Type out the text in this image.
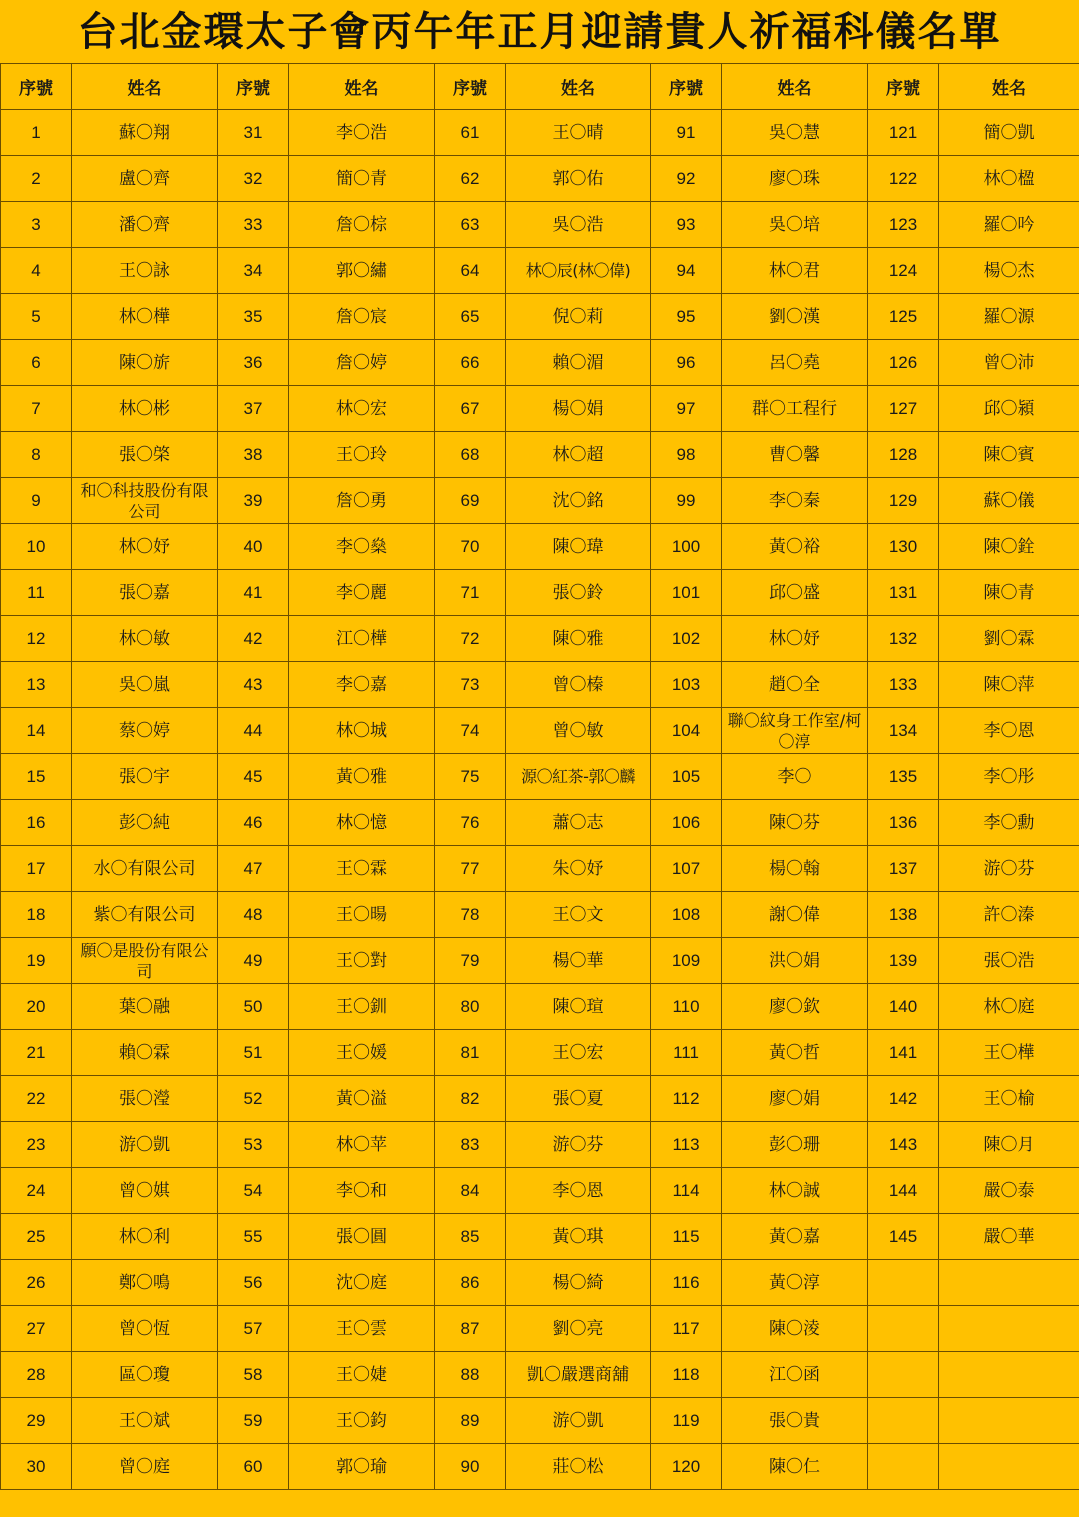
台北金環太子會丙午年正月迎請貴人祈福科儀名單
序號	姓名	序號	姓名	序號	姓名	序號	姓名	序號	姓名
1	蘇〇翔	31	李〇浩	61	王〇晴	91	吳〇慧	121	簡〇凱
2	盧〇齊	32	簡〇青	62	郭〇佑	92	廖〇珠	122	林〇楹
3	潘〇齊	33	詹〇棕	63	吳〇浩	93	吳〇培	123	羅〇吟
4	王〇詠	34	郭〇繡	64	林〇辰(林〇偉)	94	林〇君	124	楊〇杰
5	林〇樺	35	詹〇宸	65	倪〇莉	95	劉〇漢	125	羅〇源
6	陳〇旂	36	詹〇婷	66	賴〇湄	96	呂〇堯	126	曾〇沛
7	林〇彬	37	林〇宏	67	楊〇娟	97	群〇工程行	127	邱〇潁
8	張〇棨	38	王〇玲	68	林〇超	98	曹〇馨	128	陳〇賓
9	和〇科技股份有限公司	39	詹〇勇	69	沈〇銘	99	李〇秦	129	蘇〇儀
10	林〇妤	40	李〇燊	70	陳〇瑋	100	黃〇裕	130	陳〇銓
11	張〇嘉	41	李〇麗	71	張〇鈴	101	邱〇盛	131	陳〇青
12	林〇敏	42	江〇樺	72	陳〇雅	102	林〇妤	132	劉〇霖
13	吳〇嵐	43	李〇嘉	73	曾〇榛	103	趙〇全	133	陳〇萍
14	蔡〇婷	44	林〇城	74	曾〇敏	104	聯〇紋身工作室/柯〇淳	134	李〇恩
15	張〇宇	45	黃〇雅	75	源〇紅茶-郭〇麟	105	李〇	135	李〇彤
16	彭〇純	46	林〇憶	76	蕭〇志	106	陳〇芬	136	李〇勳
17	水〇有限公司	47	王〇霖	77	朱〇妤	107	楊〇翰	137	游〇芬
18	紫〇有限公司	48	王〇暘	78	王〇文	108	謝〇偉	138	許〇溱
19	願〇是股份有限公司	49	王〇對	79	楊〇華	109	洪〇娟	139	張〇浩
20	葉〇融	50	王〇釧	80	陳〇瑄	110	廖〇欽	140	林〇庭
21	賴〇霖	51	王〇媛	81	王〇宏	111	黃〇哲	141	王〇樺
22	張〇瀅	52	黃〇溢	82	張〇夏	112	廖〇娟	142	王〇榆
23	游〇凱	53	林〇苹	83	游〇芬	113	彭〇珊	143	陳〇月
24	曾〇娸	54	李〇和	84	李〇恩	114	林〇誠	144	嚴〇泰
25	林〇利	55	張〇圓	85	黃〇琪	115	黃〇嘉	145	嚴〇華
26	鄭〇鳴	56	沈〇庭	86	楊〇綺	116	黃〇淳		
27	曾〇恆	57	王〇雲	87	劉〇亮	117	陳〇淩		
28	區〇瓊	58	王〇婕	88	凱〇嚴選商舖	118	江〇函		
29	王〇斌	59	王〇鈞	89	游〇凱	119	張〇貴		
30	曾〇庭	60	郭〇瑜	90	莊〇松	120	陳〇仁		
